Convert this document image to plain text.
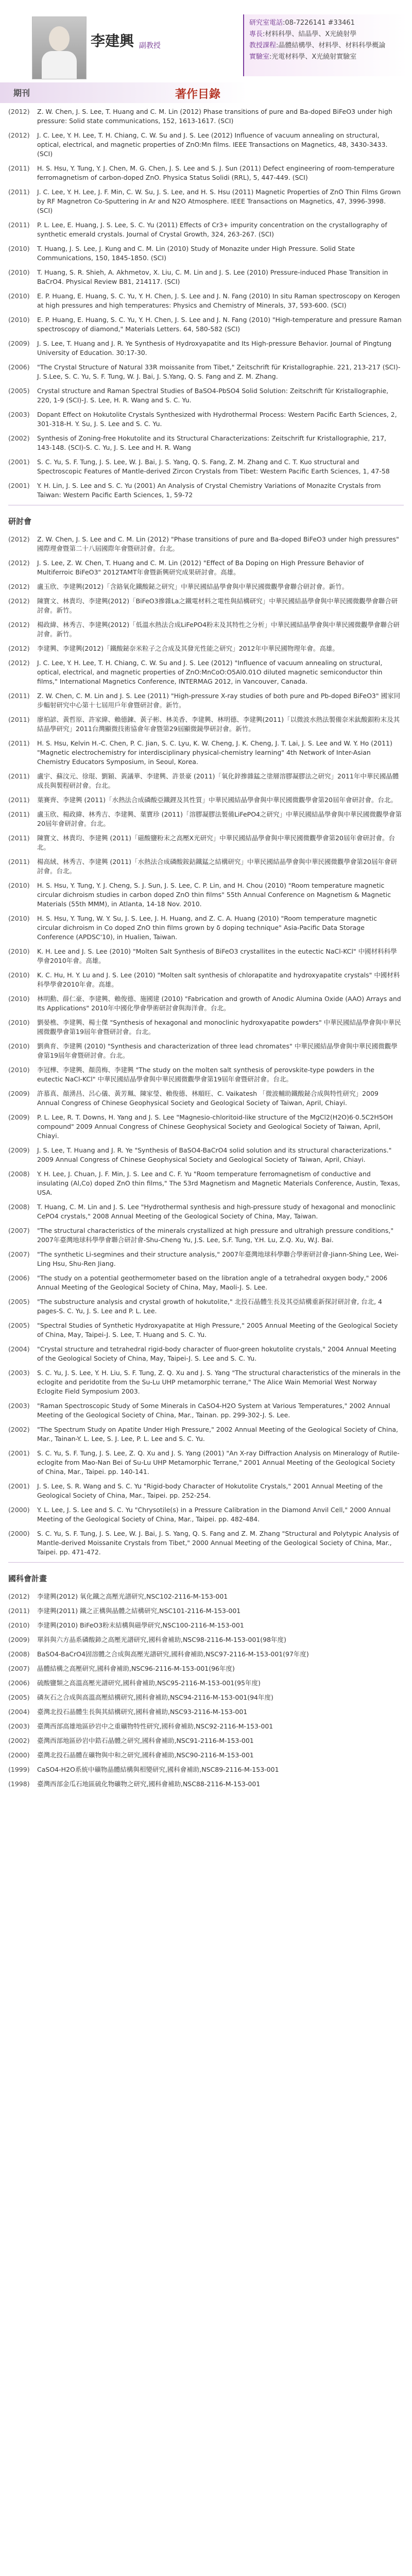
李建興 副教授
研究室電話 : 08-7226141 #33461
專長 : 材料科學、結晶學、X光繞射學
教授課程 : 晶體結構學、材料學、材料科學概論
實驗室 : 光電材料學、X光繞射實驗室
期刊	著作目錄
(2012)	Z. W. Chen, J. S. Lee, T. Huang and C. M. Lin (2012) Phase transitions of pure and Ba-doped BiFeO3 under high pressure: Solid state communications, 152, 1613-1617. (SCI)
(2012)	J. C. Lee, Y. H. Lee, T. H. Chiang, C. W. Su and J. S. Lee (2012) Influence of vacuum annealing on structural, optical, electrical, and magnetic properties of ZnO:Mn films. IEEE Transactions on Magnetics, 48, 3430-3433. (SCI)
(2011)	H. S. Hsu, Y. Tung, Y. J. Chen, M. G. Chen, J. S. Lee and S. J. Sun (2011) Defect engineering of room-temperature ferromagnetism of carbon-doped ZnO. Physica Status Solidi (RRL), 5, 447-449. (SCI)
(2011)	J. C. Lee, Y. H. Lee, J. F. Min, C. W. Su, J. S. Lee, and H. S. Hsu (2011) Magnetic Properties of ZnO Thin Films Grown by RF Magnetron Co-Sputtering in Ar and N2O Atmosphere. IEEE Transactions on Magnetics, 47, 3996-3998. (SCI)
(2011)	P. L. Lee, E. Huang, J. S. Lee, S. C. Yu (2011) Effects of Cr3+ impurity concentration on the crystallography of synthetic emerald crystals. Journal of Crystal Growth, 324, 263-267. (SCI)
(2010)	T. Huang, J. S. Lee, J. Kung and C. M. Lin (2010) Study of Monazite under High Pressure. Solid State Communications, 150, 1845-1850. (SCI)
(2010)	T. Huang, S. R. Shieh, A. Akhmetov, X. Liu, C. M. Lin and J. S. Lee (2010) Pressure-induced Phase Transition in BaCrO4. Physical Review B81, 214117. (SCI)
(2010)	E. P. Huang, E. Huang, S. C. Yu, Y. H. Chen, J. S. Lee and J. N. Fang (2010) In situ Raman spectroscopy on Kerogen at high pressures and high temperatures: Physics and Chemistry of Minerals, 37, 593-600. (SCI)
(2010)	E. P. Huang, E. Huang, S. C. Yu, Y. H. Chen, J. S. Lee and J. N. Fang (2010) "High-temperature and pressure Raman spectroscopy of diamond," Materials Letters. 64, 580-582 (SCI)
(2009)	J. S. Lee, T. Huang and J. R. Ye Synthesis of Hydroxyapatite and Its High-pressure Behavior. Journal of Pingtung University of Education. 30:17-30.
(2006)	"The Crystal Structure of Natural 33R moissanite from Tibet," Zeitschrift für Kristallographie. 221, 213-217 (SCI)-J. S.Lee, S. C. Yu, S. F. Tung, W. J. Bai, J. S.Yang, Q. S. Fang and Z. M. Zhang.
(2005)	Crystal structure and Raman Spectral Studies of BaSO4-PbSO4 Solid Solution: Zeitschrift für Kristallographie, 220, 1-9 (SCI)-J. S. Lee, H. R. Wang and S. C. Yu.
(2003)	Dopant Effect on Hokutolite Crystals Synthesized with Hydrothermal Process: Western Pacific Earth Sciences, 2, 301-318-H. Y. Su, J. S. Lee and S. C. Yu.
(2002)	Synthesis of Zoning-free Hokutolite and its Structural Characterizations: Zeitschrift fur Kristallographie, 217, 143-148. (SCI)-S. C. Yu, J. S. Lee and H. R. Wang
(2001)	S. C. Yu, S. F. Tung, J. S. Lee, W. J. Bai, J. S. Yang, Q. S. Fang, Z. M. Zhang and C. T. Kuo structural and Spectroscopic Features of Mantle-derived Zircon Crystals from Tibet: Western Pacific Earth Sciences, 1, 47-58
(2001)	Y. H. Lin, J. S. Lee and S. C. Yu (2001) An Analysis of Crystal Chemistry Variations of Monazite Crystals from Taiwan: Western Pacific Earth Sciences, 1, 59-72
研討會
(2012)	Z. W. Chen, J. S. Lee and C. M. Lin (2012) "Phase transitions of pure and Ba-doped BiFeO3 under high pressures" 國際理會暨第二十八屆國際年會暨研討會。台北。
(2012)	J. S. Lee, Z. W. Chen, T. Huang and C. M. Lin (2012) "Effect of Ba Doping on High Pressure Behavior of Multiferroic BiFeO3" 2012TAMT年會暨新興研究成果研討會。高雄。
(2012)	盧玉欣、李建興(2012)「含鉻氧化鐵酸鉍之研究」中華民國結晶學會與中華民國微觀學會聯合研討會。新竹。
(2012)	陳寶文、林貴均、李建興(2012)「BiFeO3摻雜La之鐵電材料之電性與結構研究」中華民國結晶學會與中華民國微觀學會聯合研討會。新竹。
(2012)	楊政緯、林秀吉、李建興(2012)「低溫水熱法合成LiFePO4粉末及其特性之分析」中華民國結晶學會與中華民國微觀學會聯合研討會。新竹。
(2012)	李建興、李建興(2012)「鐵酸鉍奈米粒子之合成及其發光性能之研究」2012年中華民國物理年會。高雄。
(2012)	J. C. Lee, Y. H. Lee, T. H. Chiang, C. W. Su and J. S. Lee (2012) "Influence of vacuum annealing on structural, optical, electrical, and magnetic properties of ZnO:MnCoO:O5Al0.01O diluted magnetic semiconductor thin films," International Magnetics Conference, INTERMAG 2012, in Vancouver, Canada.
(2011)	Z. W. Chen, C. M. Lin and J. S. Lee (2011) "High-pressure X-ray studies of both pure and Pb-doped BiFeO3" 國家同步輻射研究中心第十七屆用戶年會暨研討會。新竹。
(2011)	廖柏諺、黃哲原、許家緯、賴德鍊、黃子彬、林美香、李建興、林明德、李建興(2011)「以微波水熱法製備奈米鈦酸鋇粉末及其結晶學研究」2011台灣顯微技術協會年會暨第29屆顯微鏡學研討會。新竹。
(2011)	H. S. Hsu, Kelvin H.-C. Chen, P. C. Jian, S. C. Lyu, K. W. Cheng, J. K. Cheng, J. T. Lai, J. S. Lee and W. Y. Ho (2011) "Magnetic electrochemistry for interdisciplinary physical-chemistry learning" 4th Network of Inter-Asian Chemistry Educators Symposium, in Seoul, Korea.
(2011)	盧宇、蘇汶元、徐琨、劉穎、黃議華、李建興、許景豪 (2011)「氧化鋅摻雜錳之塗層溶膠凝膠法之研究」2011年中華民國晶體成長與製程研討會。台北。
(2011)	葉賽齊、李建興 (2011)「水熱法合成磷酸亞鐵鋰及其性質」中華民國結晶學會與中華民國微觀學會第20屆年會研討會。台北。
(2011)	盧玉欣、楊政緯、林秀吉、李建興、葉寶珍 (2011)「溶膠凝膠法製備LiFePO4之研究」中華民國結晶學會與中華民國微觀學會第20屆年會研討會。台北。
(2011)	陳寶文、林貴均、李建興 (2011)「磁酸鹽粉末之高壓X光研究」中華民國結晶學會與中華民國微觀學會第20屆年會研討會。台北。
(2011)	楊高絨、林秀吉、李建興 (2011)「水熱法合成磷酸銨鈷鐵錳之結構研究」中華民國結晶學會與中華民國微觀學會第20屆年會研討會。台北。
(2010)	H. S. Hsu, Y. Tung, Y. J. Cheng, S. J. Sun, J. S. Lee, C. P. Lin, and H. Chou (2010) "Room temperature magnetic circular dichroism studies in carbon doped ZnO thin films" 55th Annual Conference on Magnetism & Magnetic Materials (55th MMM), in Atlanta, 14-18 Nov. 2010.
(2010)	H. S. Hsu, Y. Tung, W. Y. Su, J. S. Lee, J. H. Huang, and Z. C. A. Huang (2010) "Room temperature magnetic circular dichroism in Co doped ZnO thin films grown by δ doping technique" Asia-Pacific Data Storage Conference (APDSC'10), in Hualien, Taiwan.
(2010)	K. H. Lee and J. S. Lee (2010) "Molten Salt Synthesis of BiFeO3 crystallites in the eutectic NaCl-KCl" 中國材料科學學會2010年會。高雄。
(2010)	K. C. Hu, H. Y. Lu and J. S. Lee (2010) "Molten salt synthesis of chlorapatite and hydroxyapatite crystals" 中國材料科學學會2010年會。高雄。
(2010)	林明勳、薛仁豪、李建興、賴俊德、施國建 (2010) "Fabrication and growth of Anodic Alumina Oxide (AAO) Arrays and Its Applications" 2010年中國化學會學術研討會與海洋會。台北。
(2010)	劉晏樵、李建興、楊士傑 "Synthesis of hexagonal and monoclinic hydroxyapatite powders" 中華民國結晶學會與中華民國微觀學會第19屆年會暨研討會。台北。
(2010)	劉典育、李建興 (2010) "Synthesis and characterization of three lead chromates" 中華民國結晶學會與中華民國微觀學會第19屆年會暨研討會。台北。
(2010)	李冠樺、李建興、顏茵梅、李建興 "The study on the molten salt synthesis of perovskite-type powders in the eutectic NaCl-KCl" 中華民國結晶學會與中華民國微觀學會第19屆年會暨研討會。台北。
(2009)	許慕真、顏湧昌、呂心儀、黃芳珮、陳家瑩、賴俊德、林順旺、C. Vaikatesh 「微波輔助鐵酸鉍合成與特性研究」2009 Annual Congress of Chinese Geophysical Society and Geological Society of Taiwan, April, Chiayi.
(2009)	P. L. Lee, R. T. Downs, H. Yang and J. S. Lee "Magnesio-chloritoid-like structure of the MgCl2(H2O)6·0.5C2H5OH compound" 2009 Annual Congress of Chinese Geophysical Society and Geological Society of Taiwan, April, Chiayi.
(2009)	J. S. Lee, T. Huang and J. R. Ye "Synthesis of BaSO4-BaCrO4 solid solution and its structural characterizations." 2009 Annual Congress of Chinese Geophysical Society and Geological Society of Taiwan, April, Chiayi.
(2008)	Y. H. Lee, J. Chuan, J. F. Min, J. S. Lee and C. F. Yu "Room temperature ferromagnetism of conductive and insulating (Al,Co) doped ZnO thin films," The 53rd Magnetism and Magnetic Materials Conference, Austin, Texas, USA.
(2008)	T. Huang, C. M. Lin and J. S. Lee "Hydrothermal synthesis and high-pressure study of hexagonal and monoclinic CePO4 crystals," 2008 Annual Meeting of the Geological Society of China, May, Taiwan.
(2007)	"The structural characteristics of the minerals crystallized at high pressure and ultrahigh pressure conditions," 2007年臺灣地球科學學會聯合研討會-Shu-Cheng Yu, J.S. Lee, S.F. Tung, Y.H. Lu, Z.Q. Xu, W.J. Bai.
(2007)	"The synthetic Li-segmines and their structure analysis," 2007年臺灣地球科學聯合學術研討會-Jiann-Shing Lee, Wei-Ling Hsu, Shu-Ren Jiang.
(2006)	"The study on a potential geothermometer based on the libration angle of a tetrahedral oxygen body," 2006 Annual Meeting of the Geological Society of China, May, Maoli-J. S. Lee.
(2005)	"The substructure analysis and crystal growth of hokutolite," 北投石晶體生長及其亞結構重新探討研討會, 台北, 4 pages-S. C. Yu, J. S. Lee and P. L. Lee.
(2005)	"Spectral Studies of Synthetic Hydroxyapatite at High Pressure," 2005 Annual Meeting of the Geological Society of China, May, Taipei-J. S. Lee, T. Huang and S. C. Yu.
(2004)	"Crystal structure and tetrahedral rigid-body character of fluor-green hokutolite crystals," 2004 Annual Meeting of the Geological Society of China, May, Taipei-J. S. Lee and S. C. Yu.
(2003)	S. C. Yu, J. S. Lee, Y. H. Liu, S. F. Tung, Z. Q. Xu and J. S. Yang "The structural characteristics of the minerals in the eclogite and peridotite from the Su-Lu UHP metamorphic terrane," The Alice Wain Memorial West Norway Eclogite Field Symposium 2003.
(2003)	"Raman Spectroscopic Study of Some Minerals in CaSO4-H2O System at Various Temperatures," 2002 Annual Meeting of the Geological Society of China, Mar., Tainan. pp. 299-302-J. S. Lee.
(2002)	"The Spectrum Study on Apatite Under High Pressure," 2002 Annual Meeting of the Geological Society of China, Mar., Tainan-Y. L. Lee, S. J. Lee, P. L. Lee and S. C. Yu.
(2001)	S. C. Yu, S. F. Tung, J. S. Lee, Z. Q. Xu and J. S. Yang (2001) "An X-ray Diffraction Analysis on Mineralogy of Rutile-eclogite from Mao-Nan Bei of Su-Lu UHP Metamorphic Terrane," 2001 Annual Meeting of the Geological Society of China, Mar., Taipei. pp. 140-141.
(2001)	J. S. Lee, S. R. Wang and S. C. Yu "Rigid-body Character of Hokutolite Crystals," 2001 Annual Meeting of the Geological Society of China, Mar., Taipei. pp. 252-254.
(2000)	Y. L. Lee, J. S. Lee and S. C. Yu "Chrysotile(s) in a Pressure Calibration in the Diamond Anvil Cell," 2000 Annual Meeting of the Geological Society of China, Mar., Taipei. pp. 482-484.
(2000)	S. C. Yu, S. F. Tung, J. S. Lee, W. J. Bai, J. S. Yang, Q. S. Fang and Z. M. Zhang "Structural and Polytypic Analysis of Mantle-derived Moissanite Crystals from Tibet," 2000 Annual Meeting of the Geological Society of China, Mar., Taipei. pp. 471-472.
國科會計畫
(2012)	李建興(2012) 氧化鐵之高壓光譜研究,NSC102-2116-M-153-001
(2011)	李建興(2011) 鐵之正構與晶體之結構研究,NSC101-2116-M-153-001
(2010)	李建興(2010) BiFeO3粉末結構與磁學研究,NSC100-2116-M-153-001
(2009)	單斜與六方晶系磷酸鈰之高壓光譜研究,國科會補助,NSC98-2116-M-153-001(98年度)
(2008)	BaSO4-BaCrO4固溶體之合成與高壓光譜研究,國科會補助,NSC97-2116-M-153-001(97年度)
(2007)	晶體結構之高壓研究,國科會補助,NSC96-2116-M-153-001(96年度)
(2006)	硫酸鹽類之高溫高壓光譜研究,國科會補助,NSC95-2116-M-153-001(95年度)
(2005)	磷灰石之合成與高溫高壓結構研究,國科會補助,NSC94-2116-M-153-001(94年度)
(2004)	臺灣北投石晶體生長與其結構研究,國科會補助,NSC93-2116-M-153-001
(2003)	臺灣西部高雄地區砂岩中之重礦物特性研究,國科會補助,NSC92-2116-M-153-001
(2002)	臺灣西部地區砂岩中鋯石晶體之研究,國科會補助,NSC91-2116-M-153-001
(2000)	臺灣北投石晶體在礦物與中和之研究,國科會補助,NSC90-2116-M-153-001
(1999)	CaSO4-H2O系統中礦物晶體結構與相變研究,國科會補助,NSC89-2116-M-153-001
(1998)	臺灣西部金瓜石地區硫化物礦物之研究,國科會補助,NSC88-2116-M-153-001
